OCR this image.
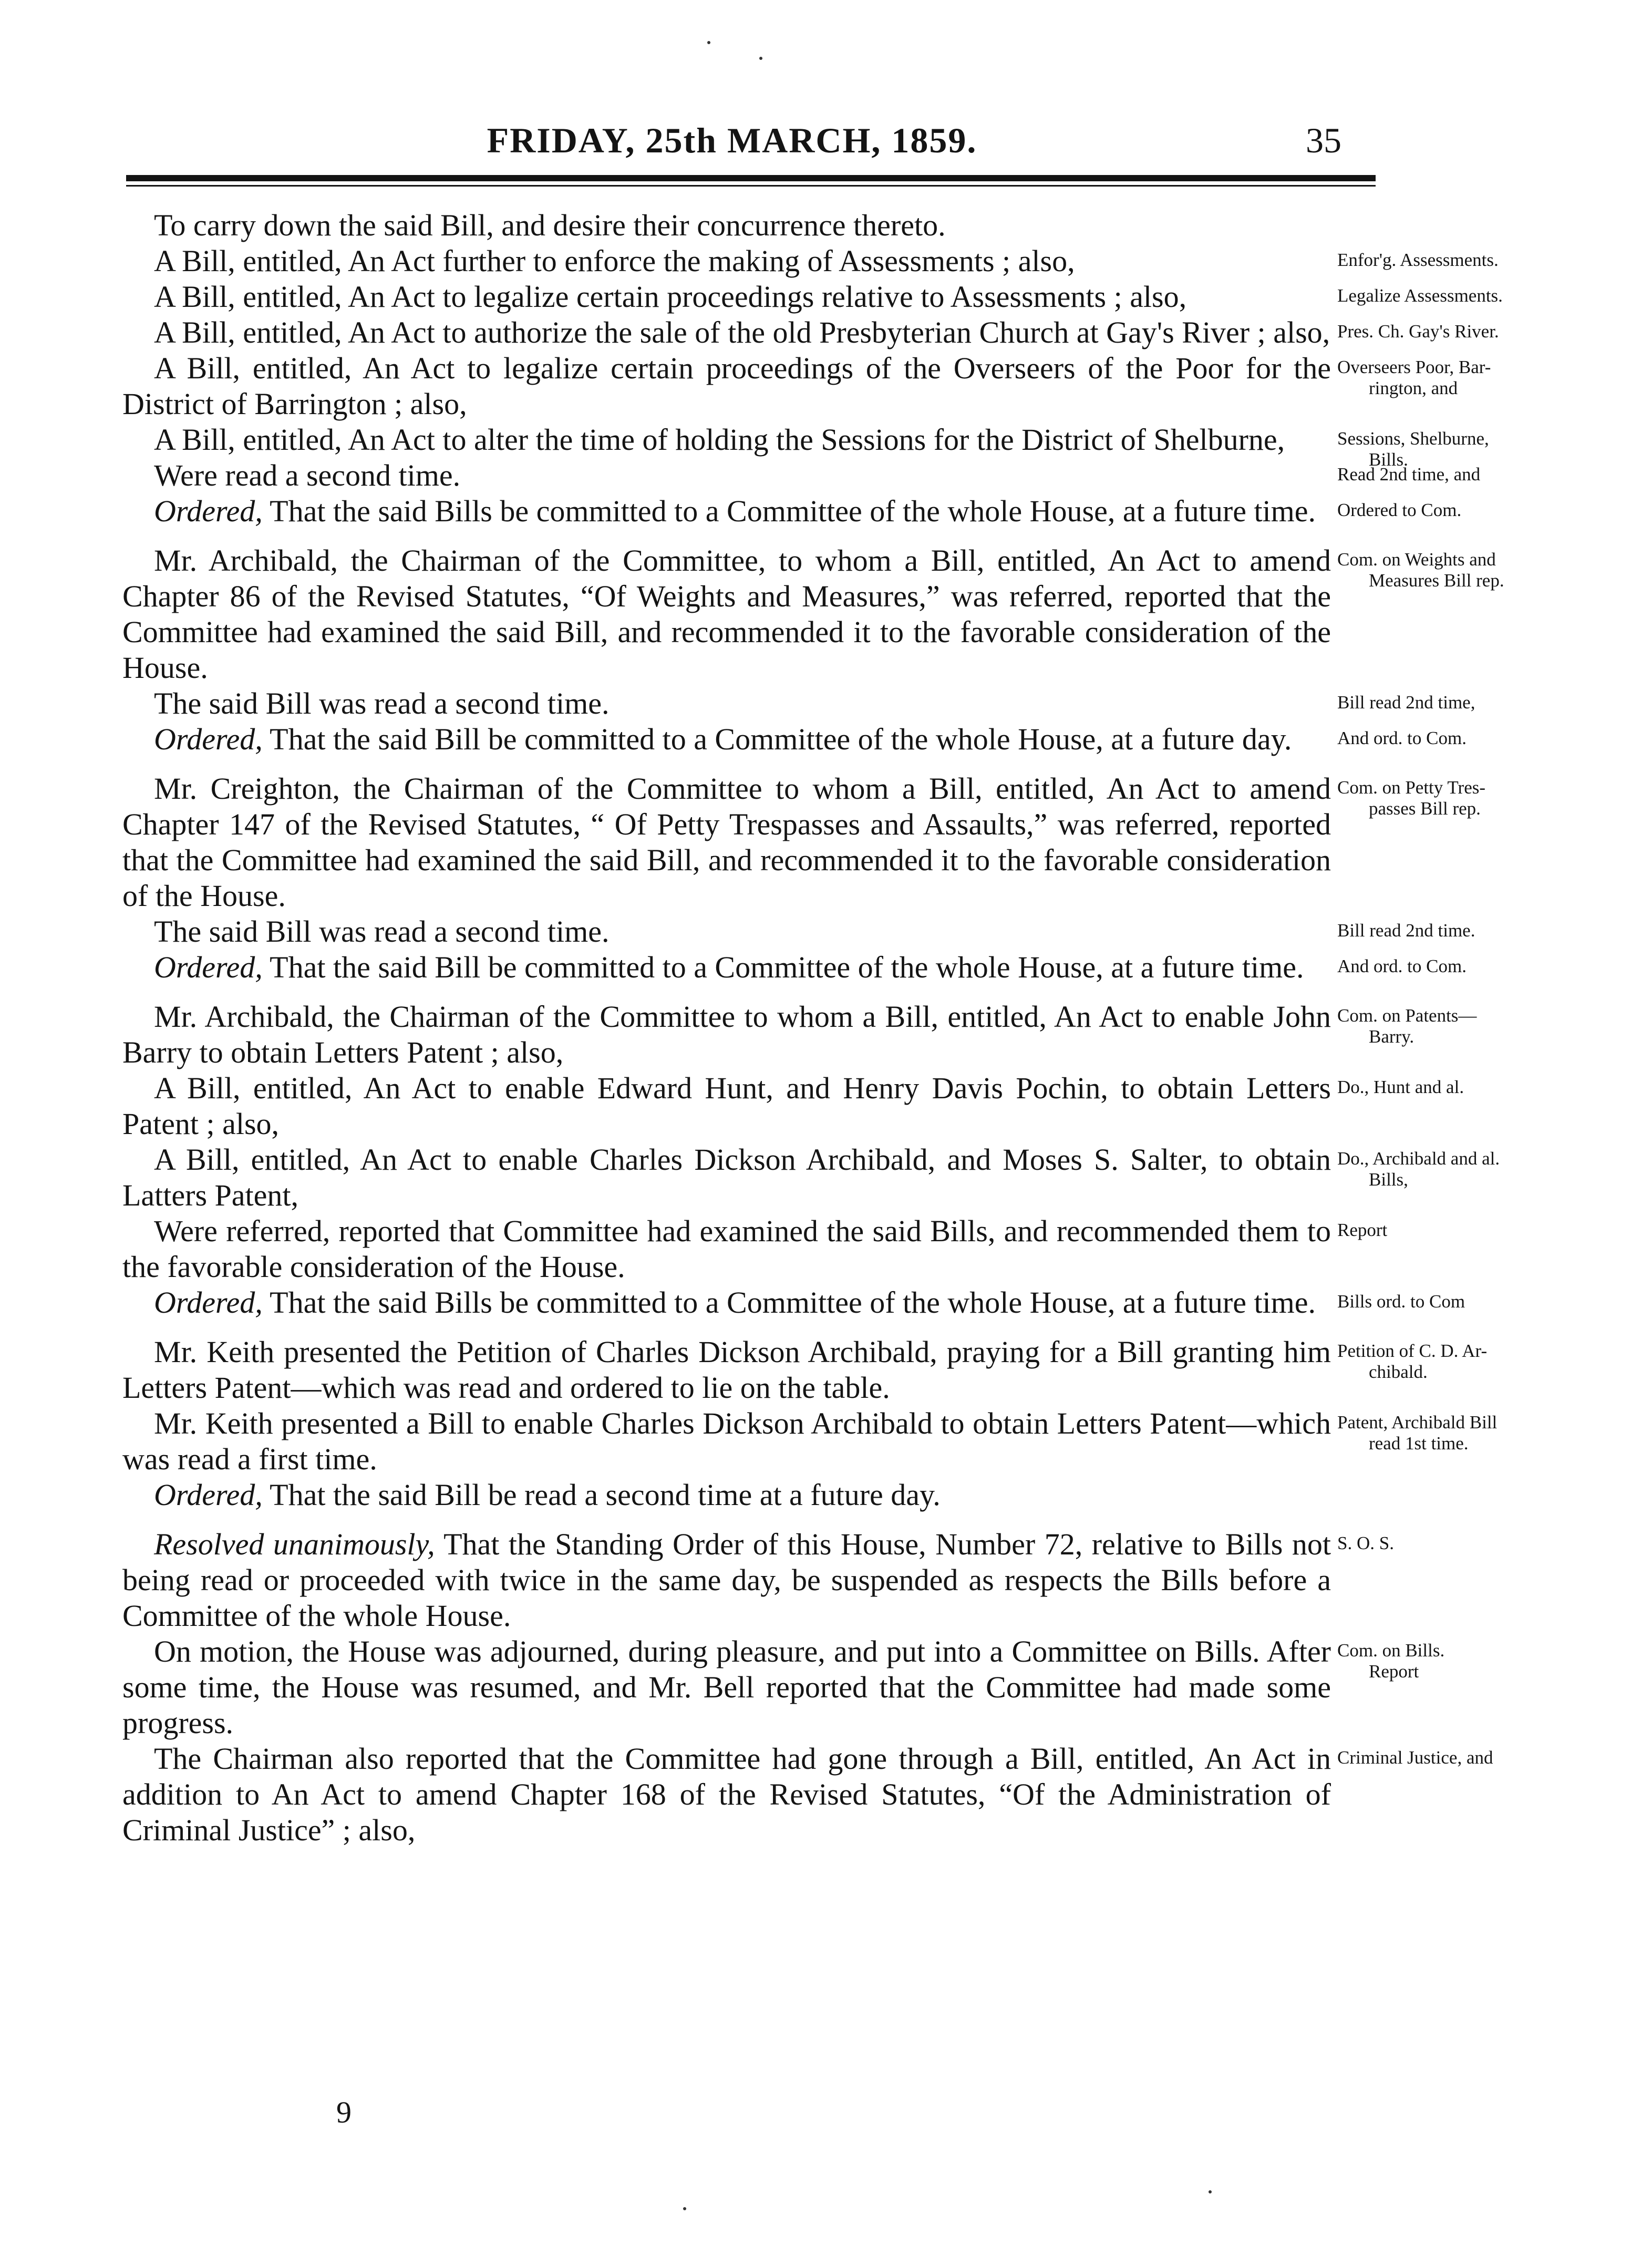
FRIDAY, 25th MARCH, 1859.	35

To carry down the said Bill, and desire their concurrence thereto.

A Bill, entitled, An Act further to enforce the making of Assessments ; also,	Enfor'g. Assessments.

A Bill, entitled, An Act to legalize certain proceedings relative to Assessments ; also,	Legalize Assessments.

A Bill, entitled, An Act to authorize the sale of the old Presbyterian Church at Gay's River ; also, Pres. Ch. Gay's River.

A Bill, entitled, An Act to legalize certain proceedings of the Overseers of the Poor for the District of Barrington ; also,

Overseers Poor, Bar-
rington, and

A Bill, entitled, An Act to alter the time of holding the Sessions for the District of Shelburne,	Sessions, Shelburne,
Bills.

Were read a second time.	Read 2nd time, and

Ordered, That the said Bills be committed to a Committee of the whole House, at a future time.	Ordered to Com.

Mr. Archibald, the Chairman of the Committee, to whom a Bill, entitled, An Act to amend Chapter 86 of the Revised Statutes, “Of Weights and Measures,” was referred, reported that the Committee had examined the said Bill, and recommended it to the favorable consideration of the House.

Com. on Weights and
Measures Bill rep.

The said Bill was read a second time.	Bill read 2nd time,

Ordered, That the said Bill be committed to a Committee of the whole House, at a future day.	And ord. to Com.

Mr. Creighton, the Chairman of the Committee to whom a Bill, entitled, An Act to amend Chapter 147 of the Revised Statutes, “ Of Petty Trespasses and Assaults,” was referred, reported that the Committee had examined the said Bill, and recommended it to the favorable consideration of the House.

Com. on Petty Tres-
passes Bill rep.

The said Bill was read a second time.	Bill read 2nd time.

Ordered, That the said Bill be committed to a Committee of the whole House, at a future time.	And ord. to Com.

Mr. Archibald, the Chairman of the Committee to whom a Bill, entitled, An Act to enable John Barry to obtain Letters Patent ; also,

Com. on Patents—
Barry.

A Bill, entitled, An Act to enable Edward Hunt, and Henry Davis Pochin, to obtain Letters Patent ; also,

Do., Hunt and al.

A Bill, entitled, An Act to enable Charles Dickson Archibald, and Moses S. Salter, to obtain Latters Patent,

Do., Archibald and al.
Bills,

Were referred, reported that Committee had examined the said Bills, and recommended them to the favorable consideration of the House.

Report

Ordered, That the said Bills be committed to a Committee of the whole House, at a future time.	Bills ord. to Com

Mr. Keith presented the Petition of Charles Dickson Archibald, praying for a Bill granting him Letters Patent—which was read and ordered to lie on the table.

Petition of C. D. Ar-
chibald.

Mr. Keith presented a Bill to enable Charles Dickson Archibald to obtain Letters Patent—which was read a first time.

Patent, Archibald Bill
read 1st time.

Ordered, That the said Bill be read a second time at a future day.

Resolved unanimously, That the Standing Order of this House, Number 72, relative to Bills not being read or proceeded with twice in the same day, be suspended as respects the Bills before a Committee of the whole House.

S. O. S.

On motion, the House was adjourned, during pleasure, and put into a Committee on Bills. After some time, the House was resumed, and Mr. Bell reported that the Committee had made some progress.

Com. on Bills.
Report

The Chairman also reported that the Committee had gone through a Bill, entitled, An Act in addition to An Act to amend Chapter 168 of the Revised Statutes, “Of the Administration of Criminal Justice” ; also,

Criminal Justice, and
9
